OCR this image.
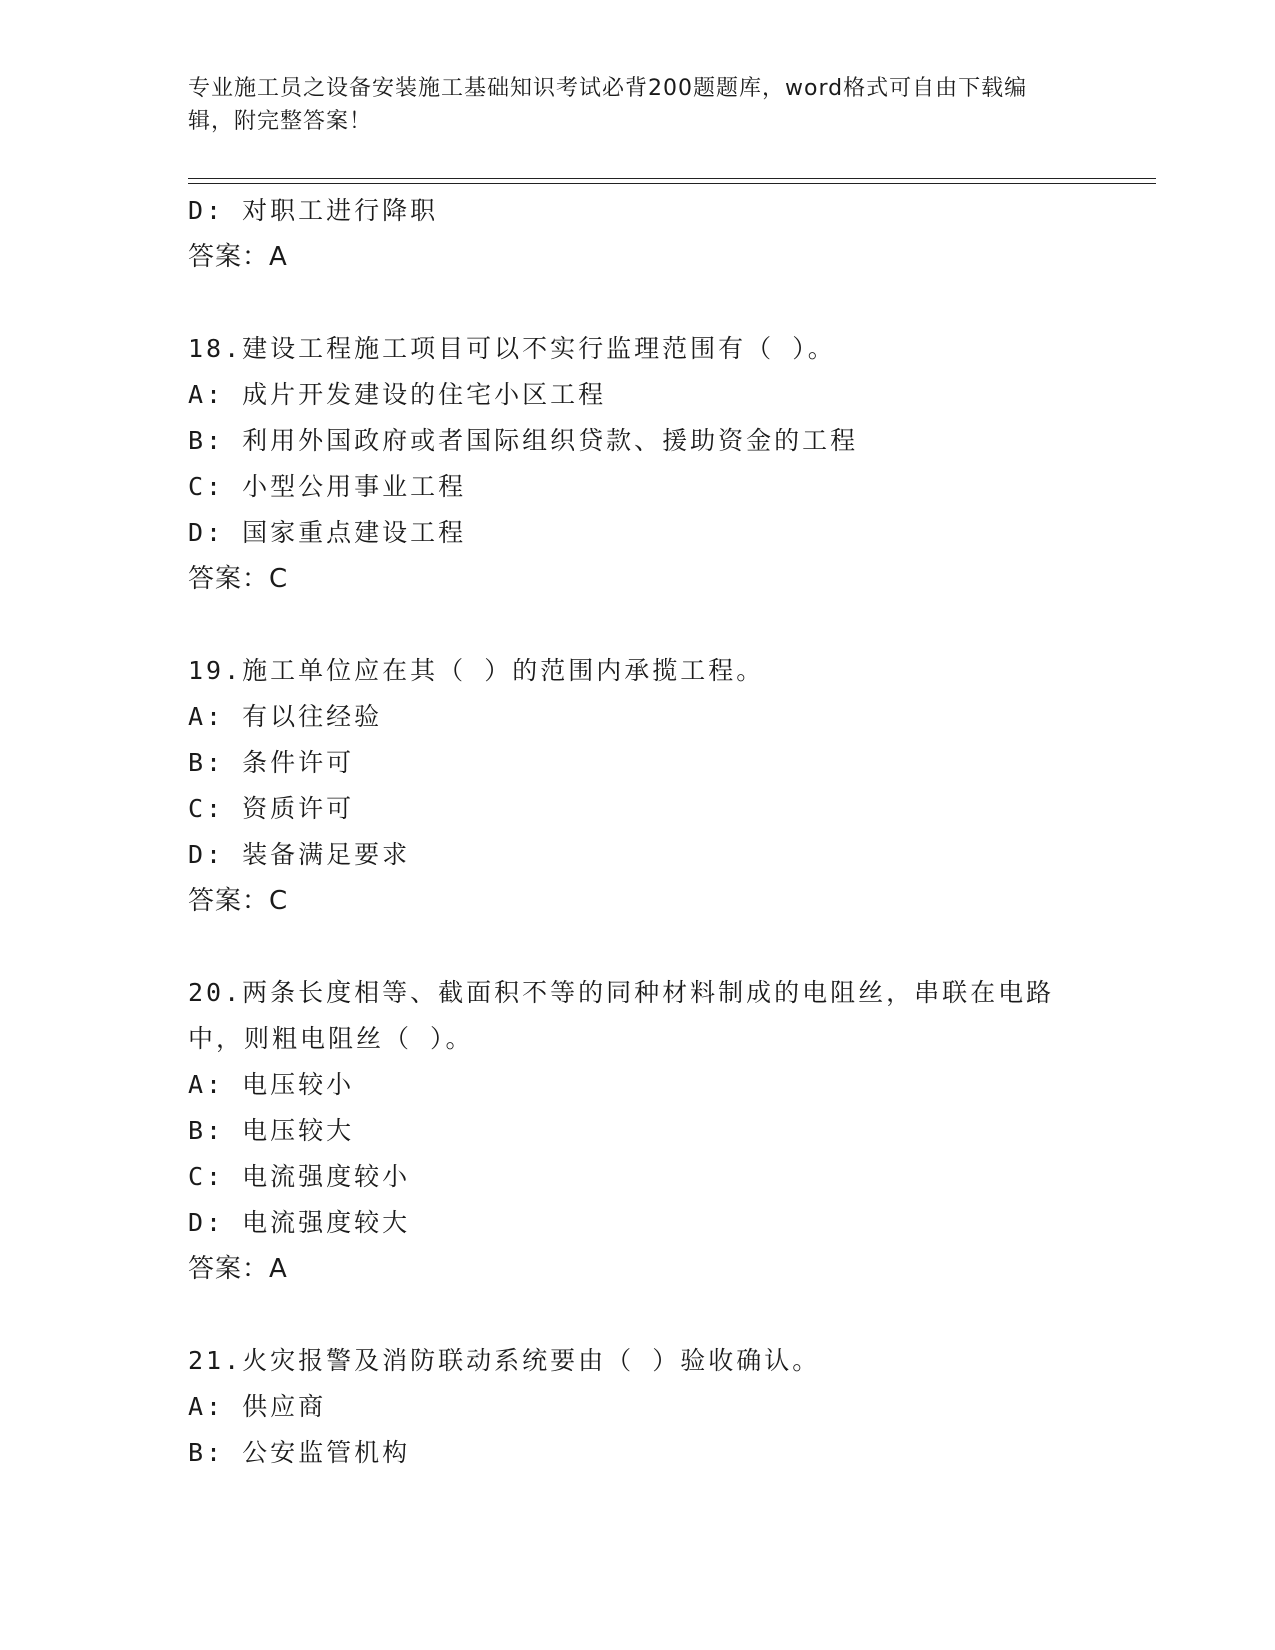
专业施工员之设备安装施工基础知识考试必背200题题库，word格式可自由下载编辑，附完整答案！
D: 对职工进行降职
答案：A
18.建设工程施工项目可以不实行监理范围有（ ）。
A: 成片开发建设的住宅小区工程
B: 利用外国政府或者国际组织贷款、援助资金的工程
C: 小型公用事业工程
D: 国家重点建设工程
答案：C
19.施工单位应在其（ ）的范围内承揽工程。
A: 有以往经验
B: 条件许可
C: 资质许可
D: 装备满足要求
答案：C
20.两条长度相等、截面积不等的同种材料制成的电阻丝，串联在电路
中，则粗电阻丝（ ）。
A: 电压较小
B: 电压较大
C: 电流强度较小
D: 电流强度较大
答案：A
21.火灾报警及消防联动系统要由（ ）验收确认。
A: 供应商
B: 公安监管机构
